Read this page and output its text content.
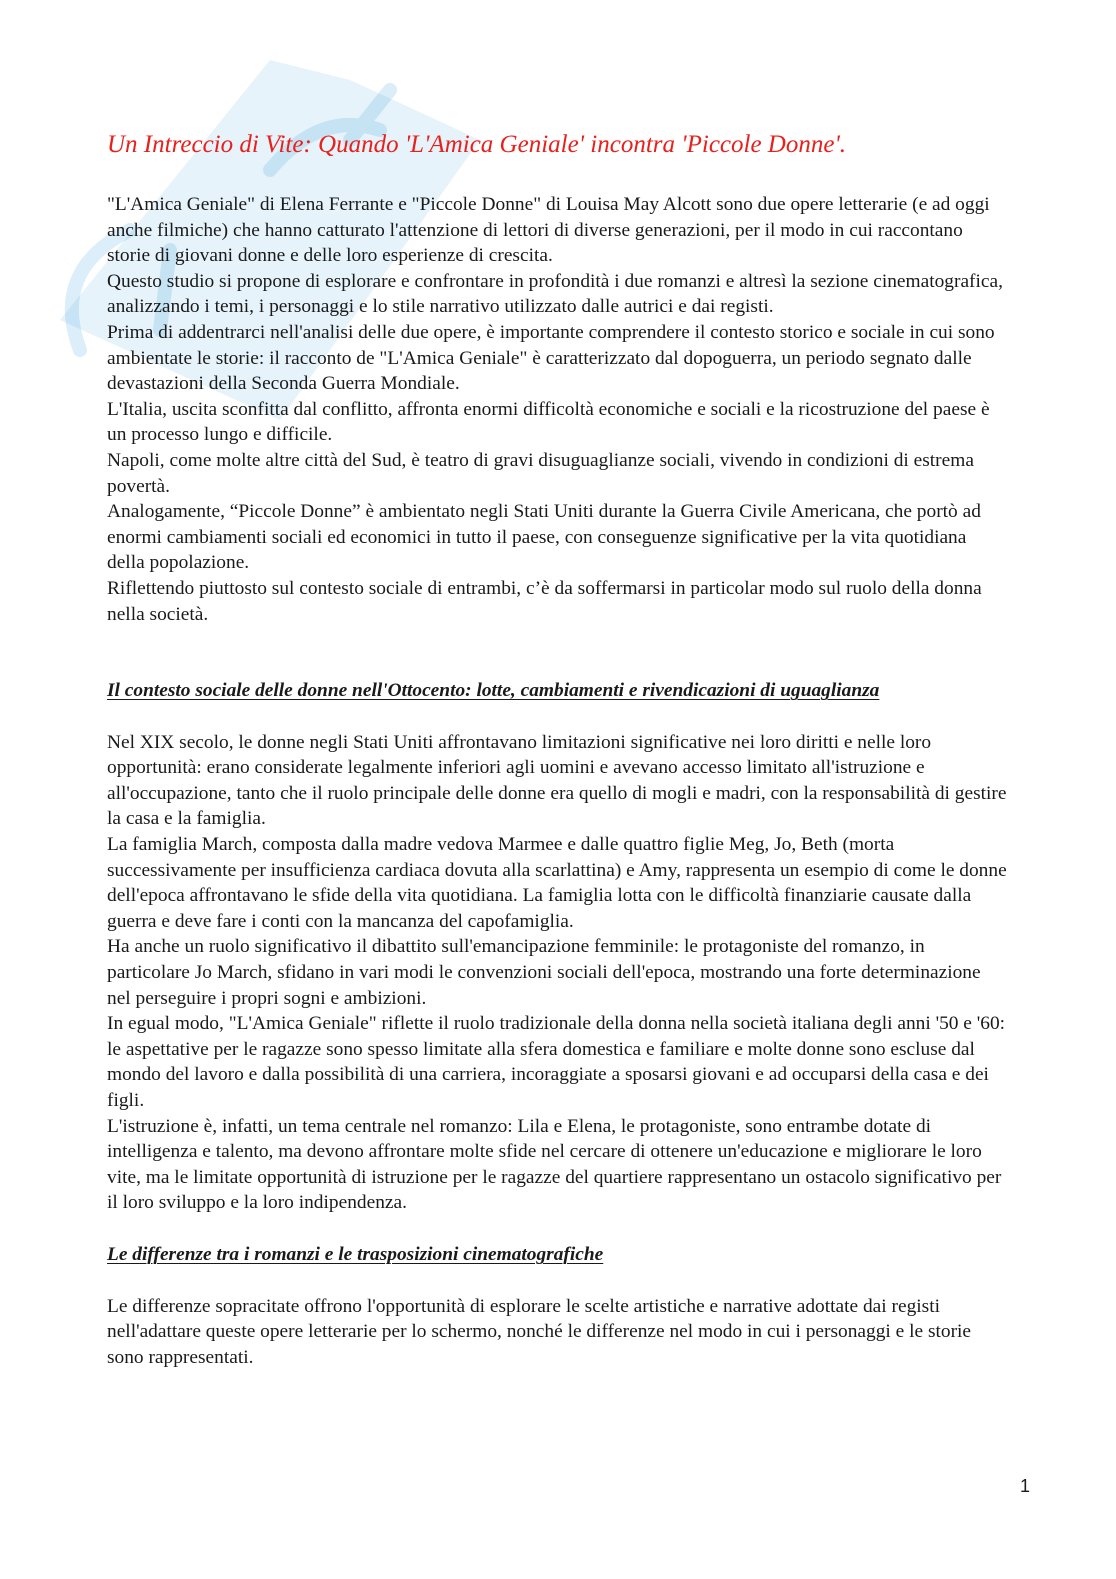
Un Intreccio di Vite: Quando 'L'Amica Geniale' incontra 'Piccole Donne'.

"L'Amica Geniale" di Elena Ferrante e "Piccole Donne" di Louisa May Alcott sono due opere letterarie (e ad oggi anche filmiche) che hanno catturato l'attenzione di lettori di diverse generazioni, per il modo in cui raccontano storie di giovani donne e delle loro esperienze di crescita.

Questo studio si propone di esplorare e confrontare in profondità i due romanzi e altresì la sezione cinematografica, analizzando i temi, i personaggi e lo stile narrativo utilizzato dalle autrici e dai registi.

Prima di addentrarci nell'analisi delle due opere, è importante comprendere il contesto storico e sociale in cui sono ambientate le storie: il racconto de "L'Amica Geniale" è caratterizzato dal dopoguerra, un periodo segnato dalle devastazioni della Seconda Guerra Mondiale.

L'Italia, uscita sconfitta dal conflitto, affronta enormi difficoltà economiche e sociali e la ricostruzione del paese è un processo lungo e difficile.

Napoli, come molte altre città del Sud, è teatro di gravi disuguaglianze sociali, vivendo in condizioni di estrema povertà.

Analogamente, “Piccole Donne” è ambientato negli Stati Uniti durante la Guerra Civile Americana, che portò ad enormi cambiamenti sociali ed economici in tutto il paese, con conseguenze significative per la vita quotidiana della popolazione.

Riflettendo piuttosto sul contesto sociale di entrambi, c’è da soffermarsi in particolar modo sul ruolo della donna nella società.

Il contesto sociale delle donne nell'Ottocento: lotte, cambiamenti e rivendicazioni di uguaglianza

Nel XIX secolo, le donne negli Stati Uniti affrontavano limitazioni significative nei loro diritti e nelle loro opportunità: erano considerate legalmente inferiori agli uomini e avevano accesso limitato all'istruzione e all'occupazione, tanto che il ruolo principale delle donne era quello di mogli e madri, con la responsabilità di gestire la casa e la famiglia.

La famiglia March, composta dalla madre vedova Marmee e dalle quattro figlie Meg, Jo, Beth (morta successivamente per insufficienza cardiaca dovuta alla scarlattina) e Amy, rappresenta un esempio di come le donne dell'epoca affrontavano le sfide della vita quotidiana. La famiglia lotta con le difficoltà finanziarie causate dalla guerra e deve fare i conti con la mancanza del capofamiglia.

Ha anche un ruolo significativo il dibattito sull'emancipazione femminile: le protagoniste del romanzo, in particolare Jo March, sfidano in vari modi le convenzioni sociali dell'epoca, mostrando una forte determinazione nel perseguire i propri sogni e ambizioni.

In egual modo, "L'Amica Geniale" riflette il ruolo tradizionale della donna nella società italiana degli anni '50 e '60: le aspettative per le ragazze sono spesso limitate alla sfera domestica e familiare e molte donne sono escluse dal mondo del lavoro e dalla possibilità di una carriera, incoraggiate a sposarsi giovani e ad occuparsi della casa e dei figli.

L'istruzione è, infatti, un tema centrale nel romanzo: Lila e Elena, le protagoniste, sono entrambe dotate di intelligenza e talento, ma devono affrontare molte sfide nel cercare di ottenere un'educazione e migliorare le loro vite, ma le limitate opportunità di istruzione per le ragazze del quartiere rappresentano un ostacolo significativo per il loro sviluppo e la loro indipendenza.

Le differenze tra i romanzi e le trasposizioni cinematografiche

Le differenze sopracitate offrono l'opportunità di esplorare le scelte artistiche e narrative adottate dai registi nell'adattare queste opere letterarie per lo schermo, nonché le differenze nel modo in cui i personaggi e le storie sono rappresentati.

1
